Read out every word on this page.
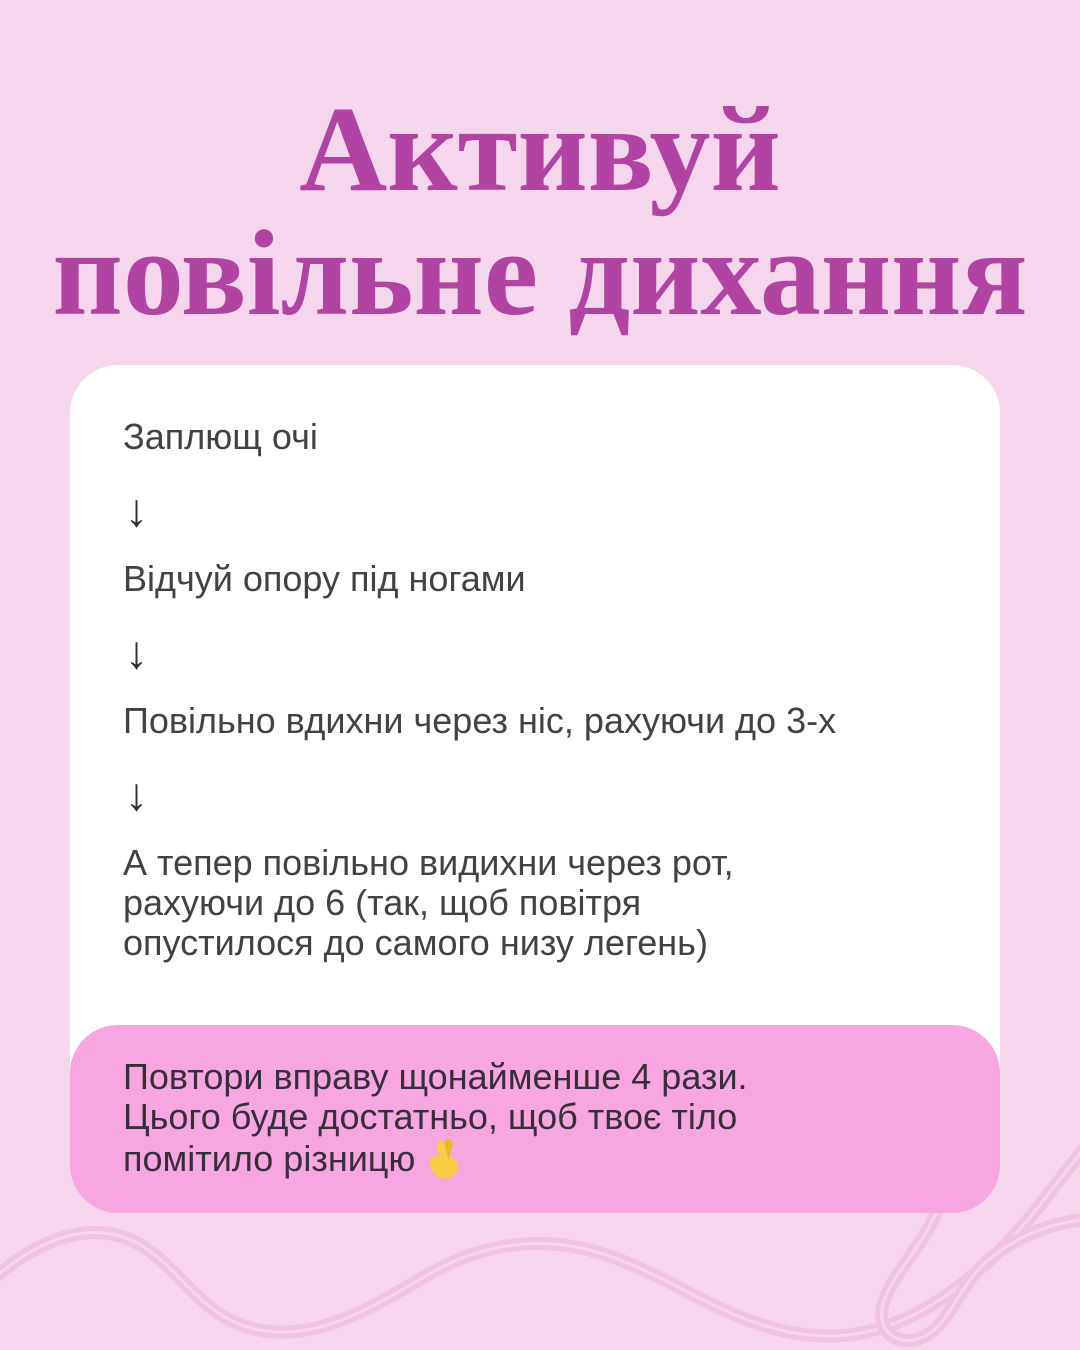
Активуй
повільне дихання
Заплющ очі
↓
Відчуй опору під ногами
↓
Повільно вдихни через ніс, рахуючи до 3-х
↓
А тепер повільно видихни через рот,
рахуючи до 6 (так, щоб повітря
опустилося до самого низу легень)
Повтори вправу щонайменше 4 рази.
Цього буде достатньо, щоб твоє тіло
помітило різницю
